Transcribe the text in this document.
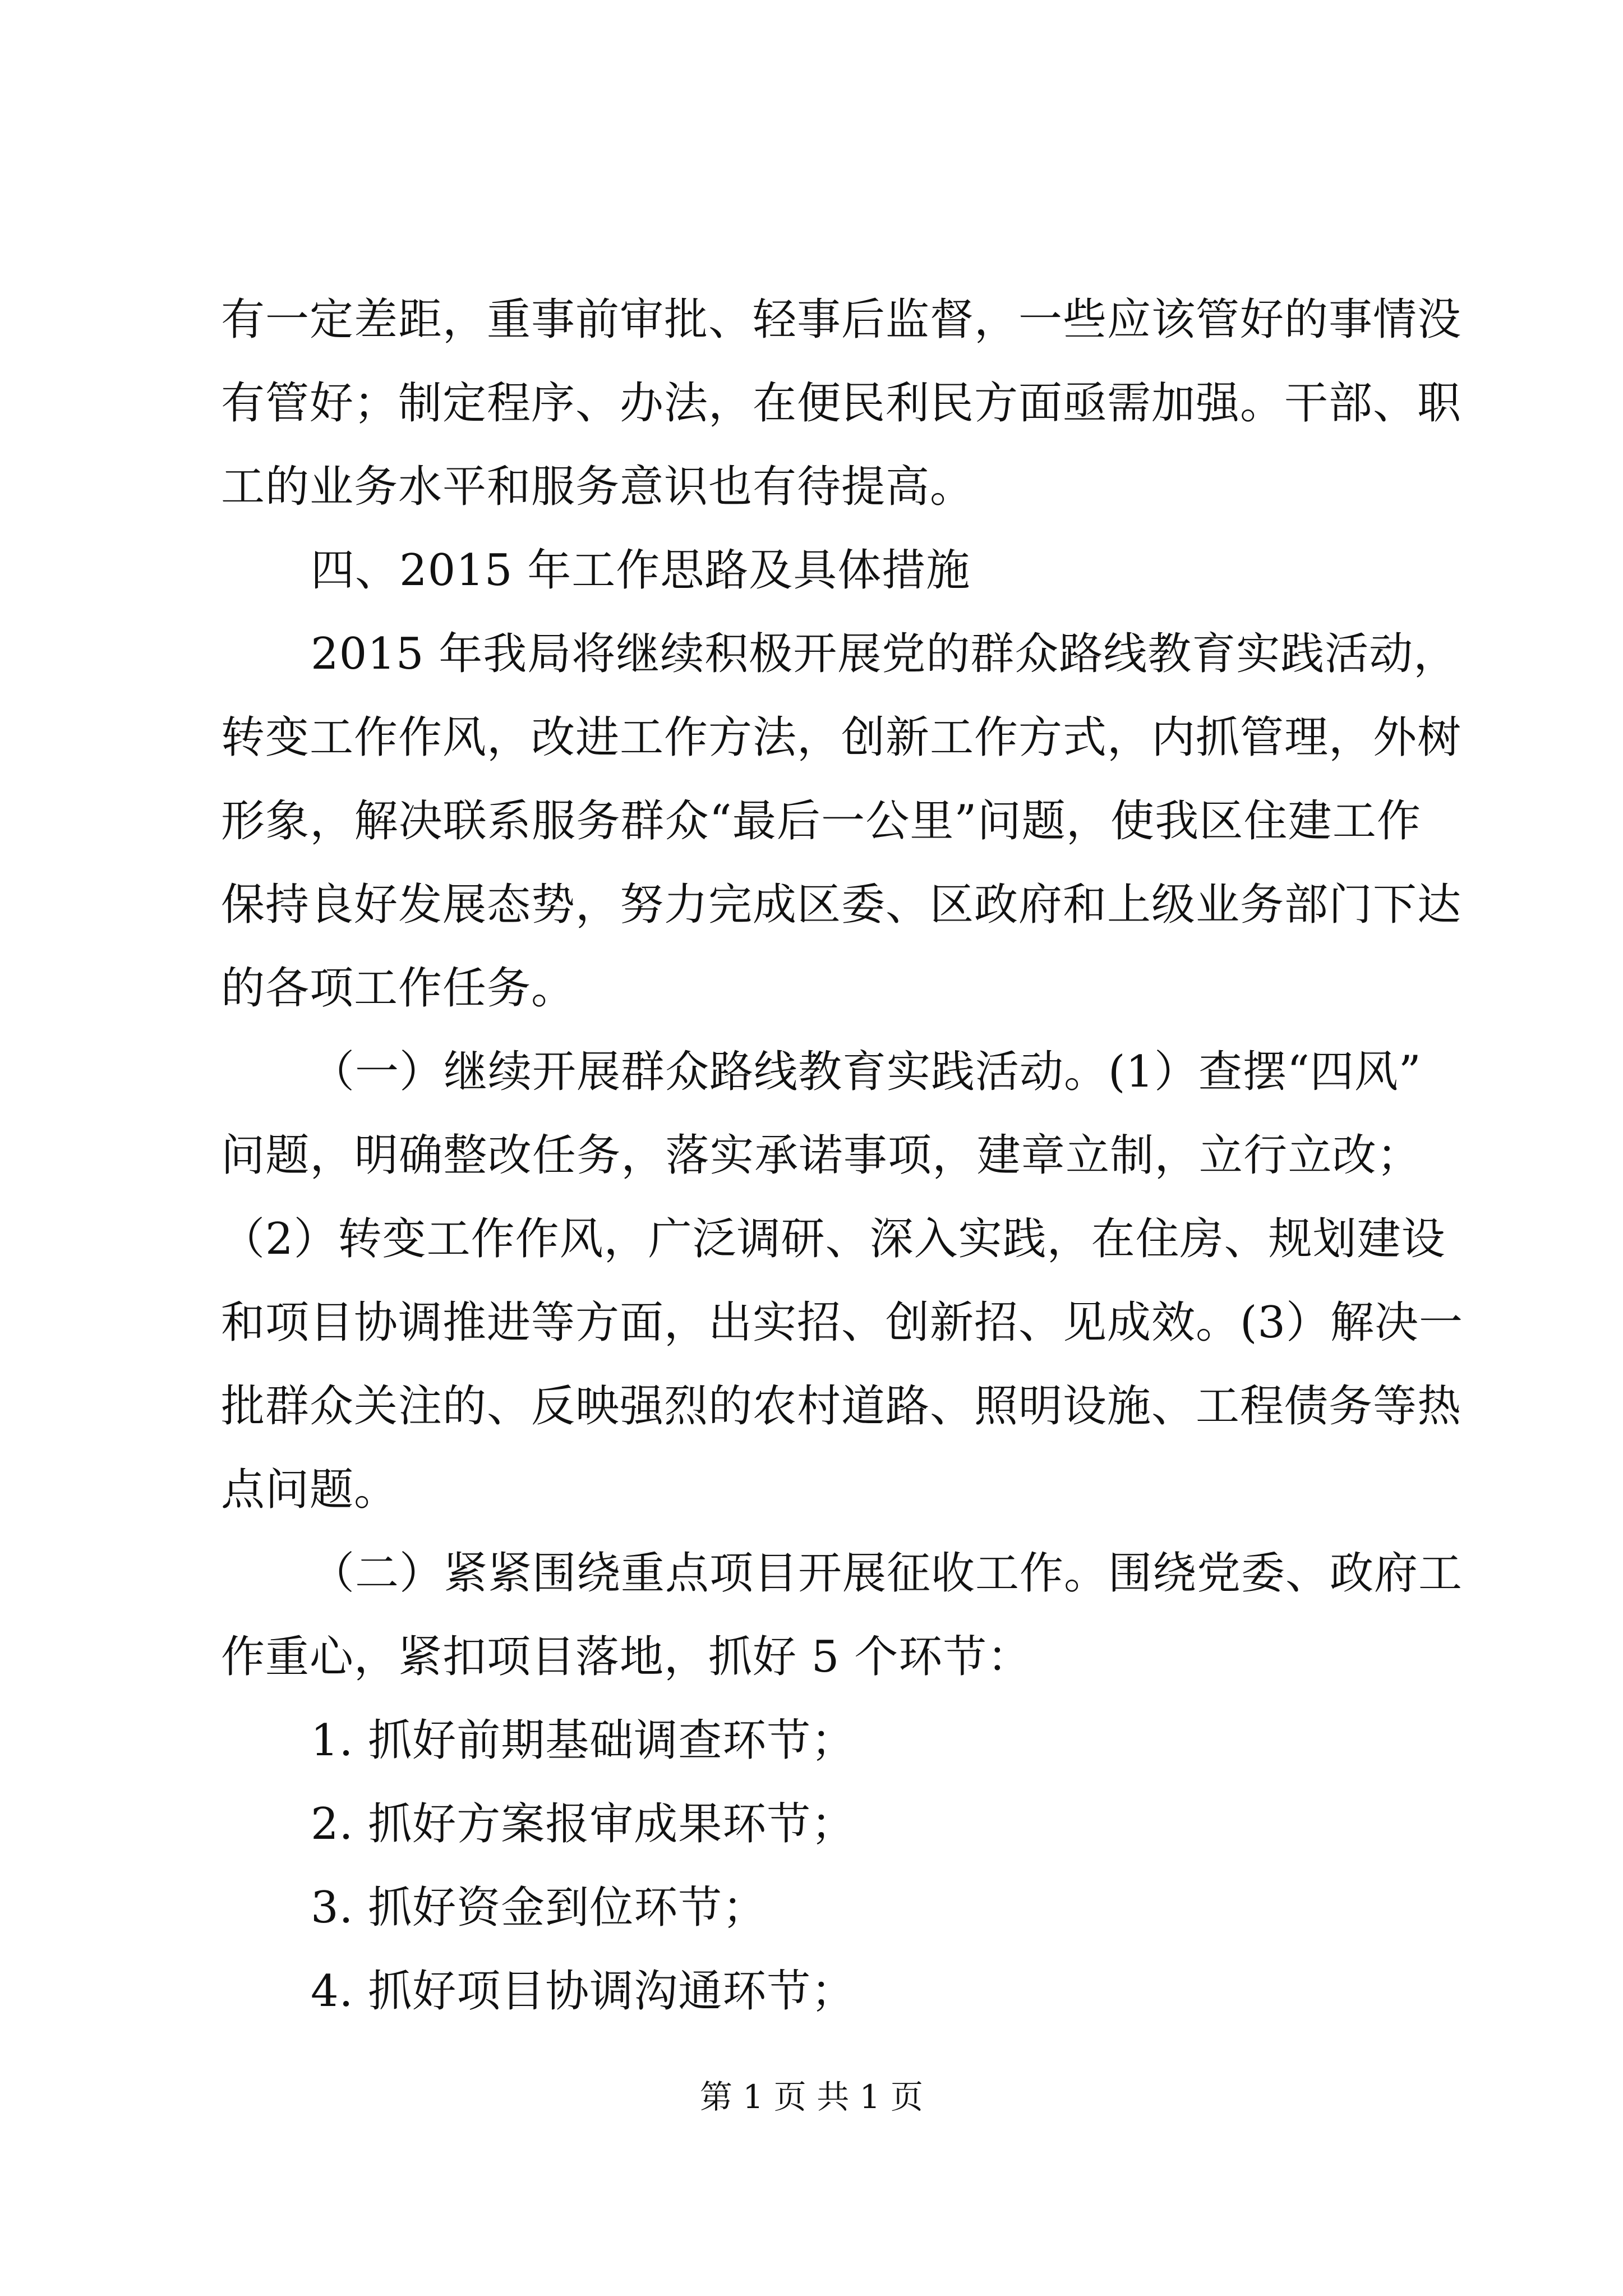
有一定差距，重事前审批、轻事后监督，一些应该管好的事情没
有管好；制定程序、办法，在便民利民方面亟需加强。干部、职
工的业务水平和服务意识也有待提高。
四、2015 年工作思路及具体措施
2015 年我局将继续积极开展党的群众路线教育实践活动，
转变工作作风，改进工作方法，创新工作方式，内抓管理，外树
形象，解决联系服务群众“最后一公里”问题，使我区住建工作
保持良好发展态势，努力完成区委、区政府和上级业务部门下达
的各项工作任务。
（一）继续开展群众路线教育实践活动。(1）查摆“四风”
问题，明确整改任务，落实承诺事项，建章立制，立行立改；
（2）转变工作作风，广泛调研、深入实践，在住房、规划建设
和项目协调推进等方面，出实招、创新招、见成效。(3）解决一
批群众关注的、反映强烈的农村道路、照明设施、工程债务等热
点问题。
（二）紧紧围绕重点项目开展征收工作。围绕党委、政府工
作重心，紧扣项目落地，抓好 5 个环节：
1. 抓好前期基础调查环节；
2. 抓好方案报审成果环节；
3. 抓好资金到位环节；
4. 抓好项目协调沟通环节；
第 1 页 共 1 页
